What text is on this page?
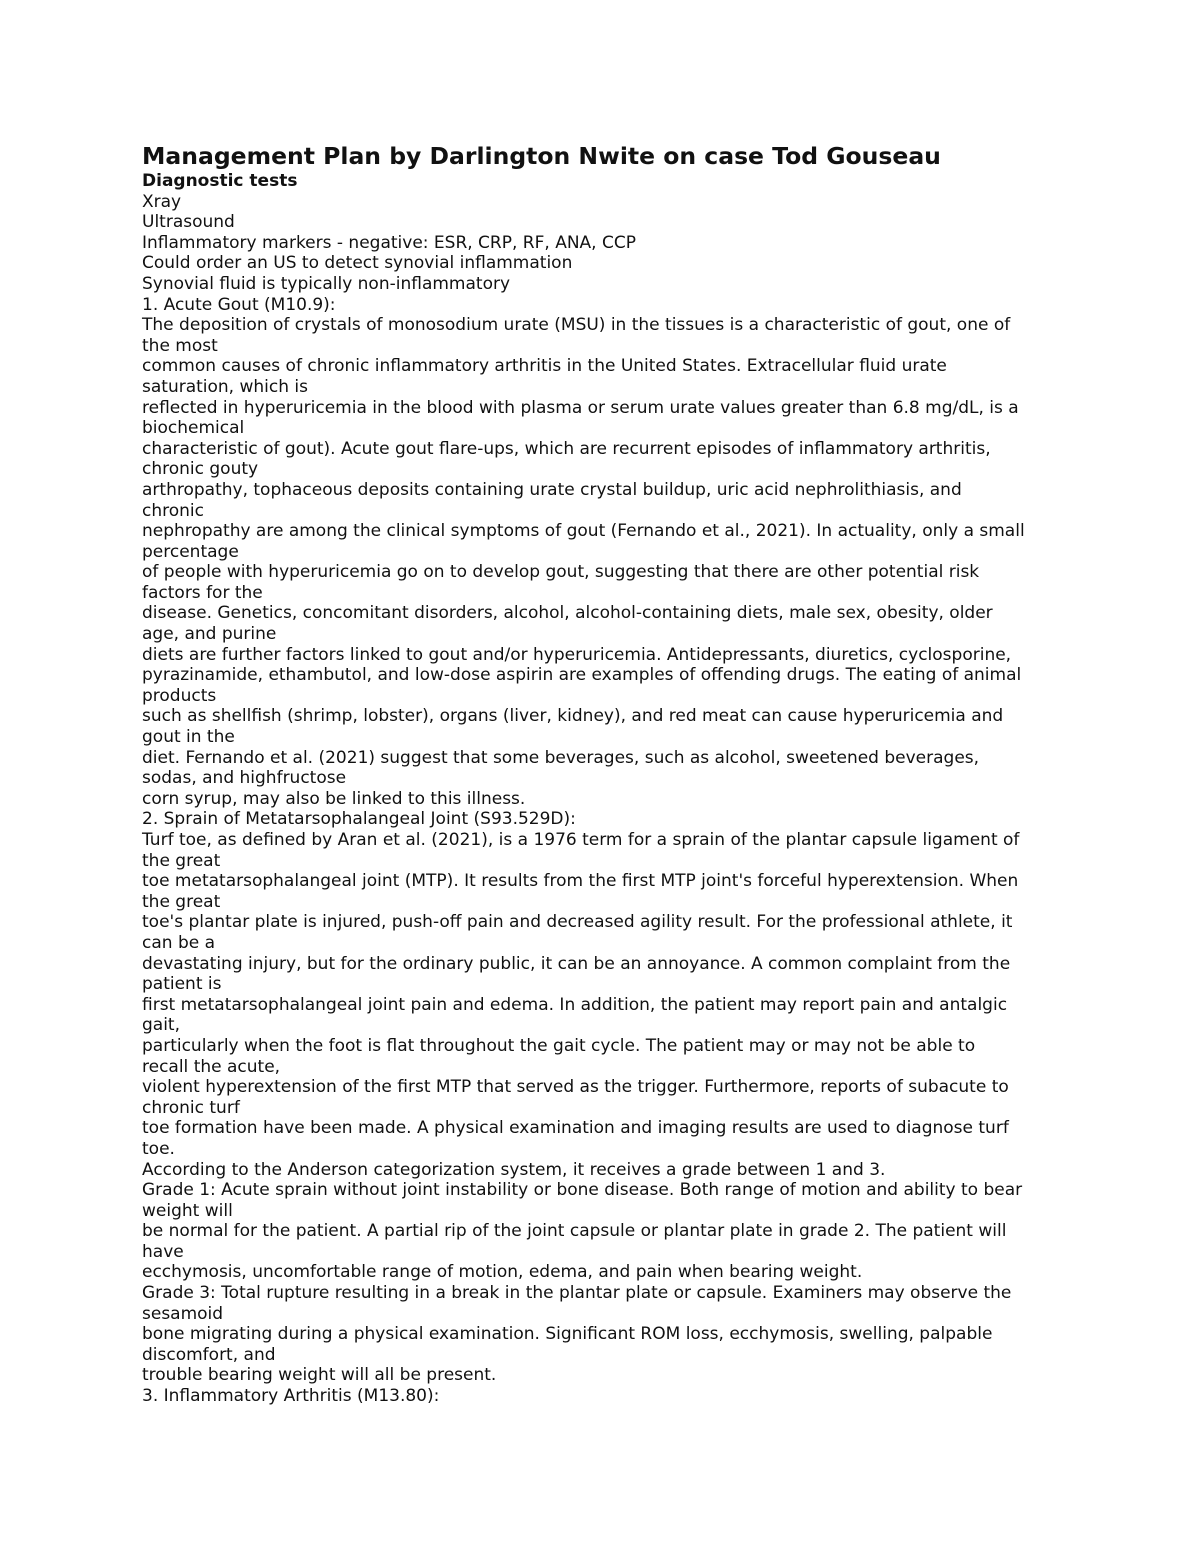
Management Plan by Darlington Nwite on case Tod Gouseau
Diagnostic tests
Xray
Ultrasound
Inflammatory markers - negative: ESR, CRP, RF, ANA, CCP
Could order an US to detect synovial inflammation
Synovial fluid is typically non-inflammatory
1. Acute Gout (M10.9):
The deposition of crystals of monosodium urate (MSU) in the tissues is a characteristic of gout, one of
the most
common causes of chronic inflammatory arthritis in the United States. Extracellular fluid urate
saturation, which is
reflected in hyperuricemia in the blood with plasma or serum urate values greater than 6.8 mg/dL, is a
biochemical
characteristic of gout). Acute gout flare-ups, which are recurrent episodes of inflammatory arthritis,
chronic gouty
arthropathy, tophaceous deposits containing urate crystal buildup, uric acid nephrolithiasis, and
chronic
nephropathy are among the clinical symptoms of gout (Fernando et al., 2021). In actuality, only a small
percentage
of people with hyperuricemia go on to develop gout, suggesting that there are other potential risk
factors for the
disease. Genetics, concomitant disorders, alcohol, alcohol-containing diets, male sex, obesity, older
age, and purine
diets are further factors linked to gout and/or hyperuricemia. Antidepressants, diuretics, cyclosporine,
pyrazinamide, ethambutol, and low-dose aspirin are examples of offending drugs. The eating of animal
products
such as shellfish (shrimp, lobster), organs (liver, kidney), and red meat can cause hyperuricemia and
gout in the
diet. Fernando et al. (2021) suggest that some beverages, such as alcohol, sweetened beverages,
sodas, and highfructose
corn syrup, may also be linked to this illness.
2. Sprain of Metatarsophalangeal Joint (S93.529D):
Turf toe, as defined by Aran et al. (2021), is a 1976 term for a sprain of the plantar capsule ligament of
the great
toe metatarsophalangeal joint (MTP). It results from the first MTP joint's forceful hyperextension. When
the great
toe's plantar plate is injured, push-off pain and decreased agility result. For the professional athlete, it
can be a
devastating injury, but for the ordinary public, it can be an annoyance. A common complaint from the
patient is
first metatarsophalangeal joint pain and edema. In addition, the patient may report pain and antalgic
gait,
particularly when the foot is flat throughout the gait cycle. The patient may or may not be able to
recall the acute,
violent hyperextension of the first MTP that served as the trigger. Furthermore, reports of subacute to
chronic turf
toe formation have been made. A physical examination and imaging results are used to diagnose turf
toe.
According to the Anderson categorization system, it receives a grade between 1 and 3.
Grade 1: Acute sprain without joint instability or bone disease. Both range of motion and ability to bear
weight will
be normal for the patient. A partial rip of the joint capsule or plantar plate in grade 2. The patient will
have
ecchymosis, uncomfortable range of motion, edema, and pain when bearing weight.
Grade 3: Total rupture resulting in a break in the plantar plate or capsule. Examiners may observe the
sesamoid
bone migrating during a physical examination. Significant ROM loss, ecchymosis, swelling, palpable
discomfort, and
trouble bearing weight will all be present.
3. Inflammatory Arthritis (M13.80):
